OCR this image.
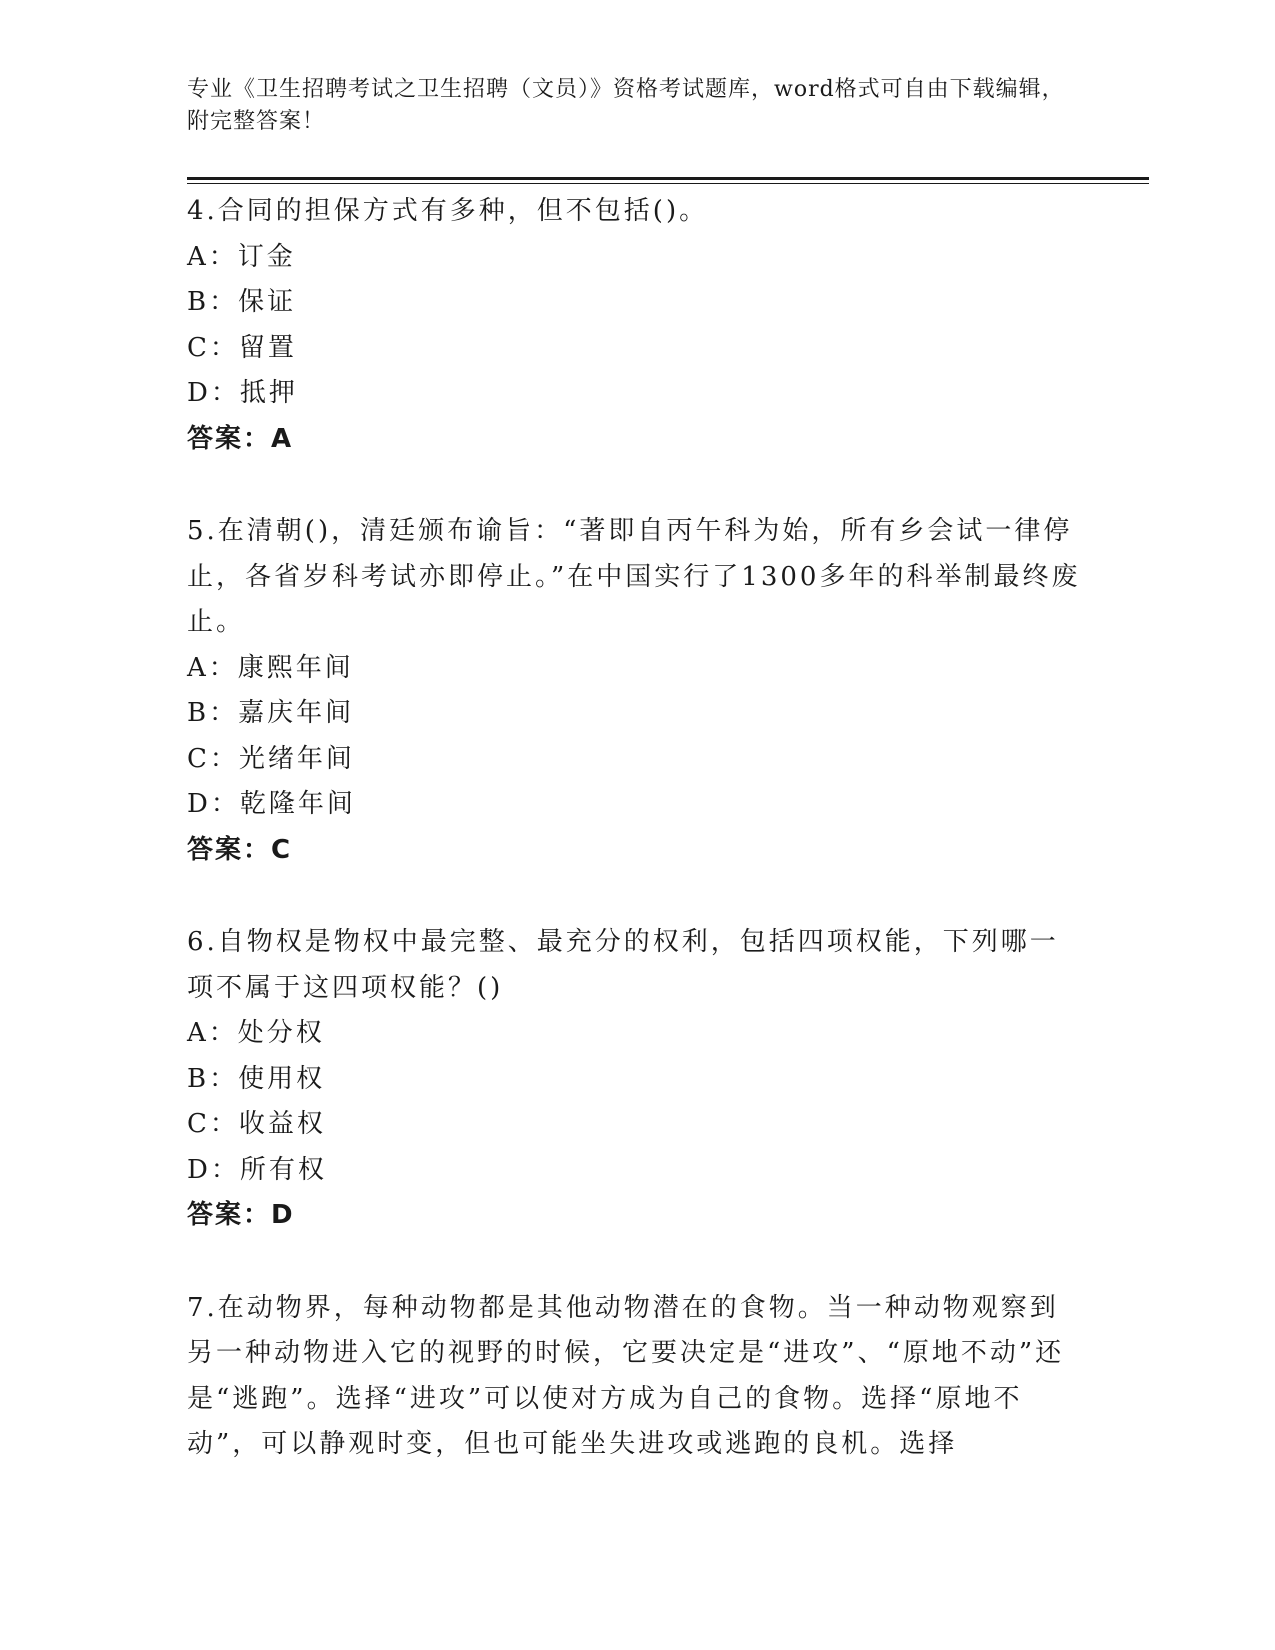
专业《卫生招聘考试之卫生招聘（文员）》资格考试题库，word格式可自由下载编辑，附完整答案！

4.合同的担保方式有多种，但不包括()。

A：订金

B：保证

C：留置

D：抵押

答案：A

5.在清朝()，清廷颁布谕旨：“著即自丙午科为始，所有乡会试一律停止，各省岁科考试亦即停止。”在中国实行了1300多年的科举制最终废止。

A：康熙年间

B：嘉庆年间

C：光绪年间

D：乾隆年间

答案：C

6.自物权是物权中最完整、最充分的权利，包括四项权能，下列哪一项不属于这四项权能？()

A：处分权

B：使用权

C：收益权

D：所有权

答案：D

7.在动物界，每种动物都是其他动物潜在的食物。当一种动物观察到另一种动物进入它的视野的时候，它要决定是“进攻”、“原地不动”还是“逃跑”。选择“进攻”可以使对方成为自己的食物。选择“原地不动”，可以静观时变，但也可能坐失进攻或逃跑的良机。选择
